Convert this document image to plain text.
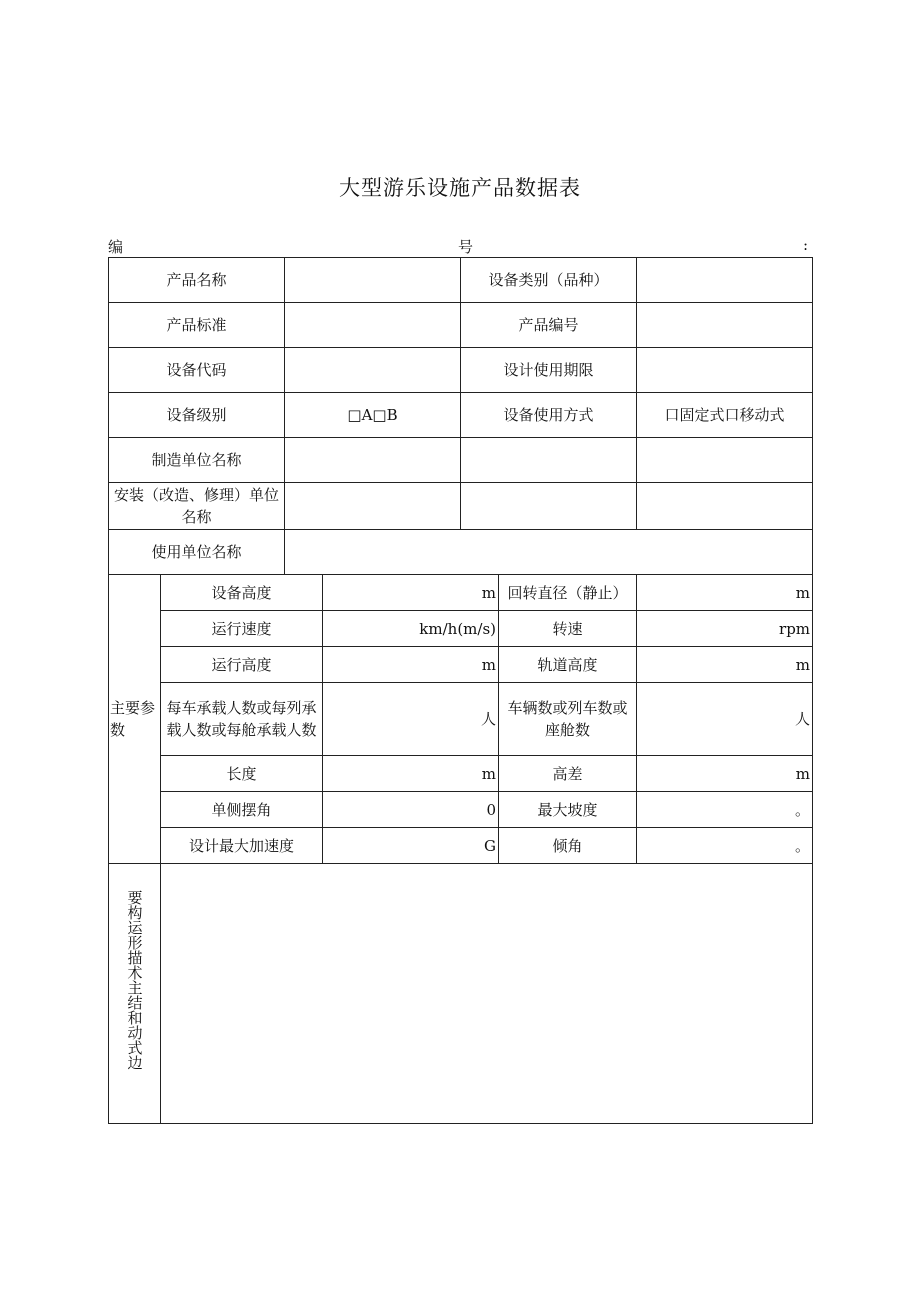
大型游乐设施产品数据表
编	号	:
产品名称				设备类别（品种）		
产品标准				产品编号		
设备代码				设计使用期限		
设备级别		□A□B		设备使用方式		口固定式口移动式
制造单位名称						
安装（改造、修理）单位名称						
使用单位名称						
主要参数	设备高度		m		回转直径（静止）	m
	运行速度		km/h(m/s)		转速	rpm
	运行高度		m		轨道高度	m
	每车承载人数或每列承载人数或每舱承载人数		人		车辆数或列车数或座舱数	人
	长度		m		高差	m
	单侧摆角		0		最大坡度	。
	设计最大加速度		G		倾角	。

要构运形描术主结和动式边						
